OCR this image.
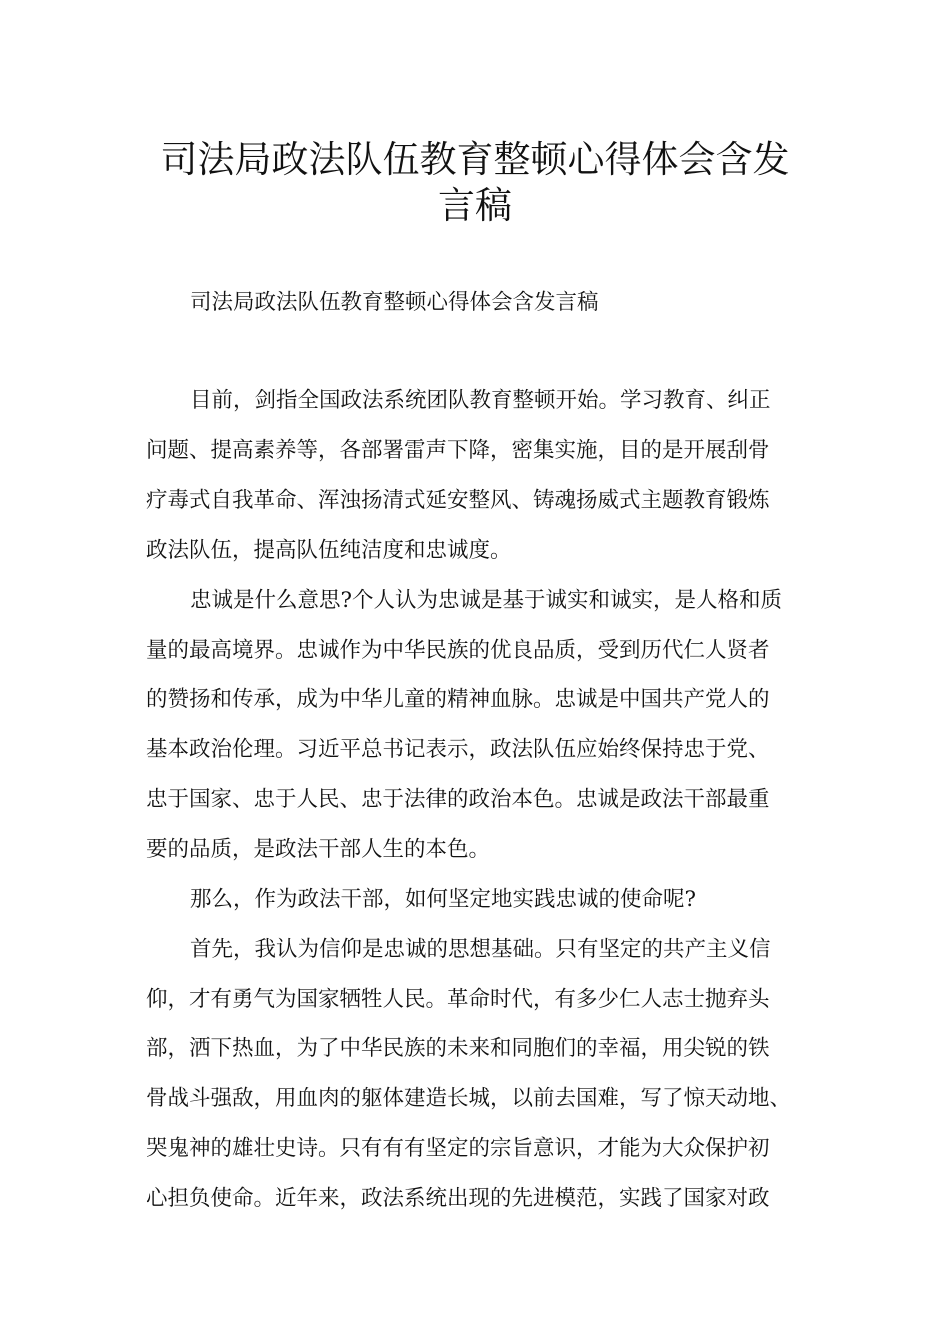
司法局政法队伍教育整顿心得体会含发
言稿
司法局政法队伍教育整顿心得体会含发言稿
目前，剑指全国政法系统团队教育整顿开始。学习教育、纠正
问题、提高素养等，各部署雷声下降，密集实施，目的是开展刮骨
疗毒式自我革命、浑浊扬清式延安整风、铸魂扬威式主题教育锻炼
政法队伍，提高队伍纯洁度和忠诚度。
忠诚是什么意思?个人认为忠诚是基于诚实和诚实，是人格和质
量的最高境界。忠诚作为中华民族的优良品质，受到历代仁人贤者
的赞扬和传承，成为中华儿童的精神血脉。忠诚是中国共产党人的
基本政治伦理。习近平总书记表示，政法队伍应始终保持忠于党、
忠于国家、忠于人民、忠于法律的政治本色。忠诚是政法干部最重
要的品质，是政法干部人生的本色。
那么，作为政法干部，如何坚定地实践忠诚的使命呢?
首先，我认为信仰是忠诚的思想基础。只有坚定的共产主义信
仰，才有勇气为国家牺牲人民。革命时代，有多少仁人志士抛弃头
部，洒下热血，为了中华民族的未来和同胞们的幸福，用尖锐的铁
骨战斗强敌，用血肉的躯体建造长城，以前去国难，写了惊天动地、
哭鬼神的雄壮史诗。只有有有坚定的宗旨意识，才能为大众保护初
心担负使命。近年来，政法系统出现的先进模范，实践了国家对政
